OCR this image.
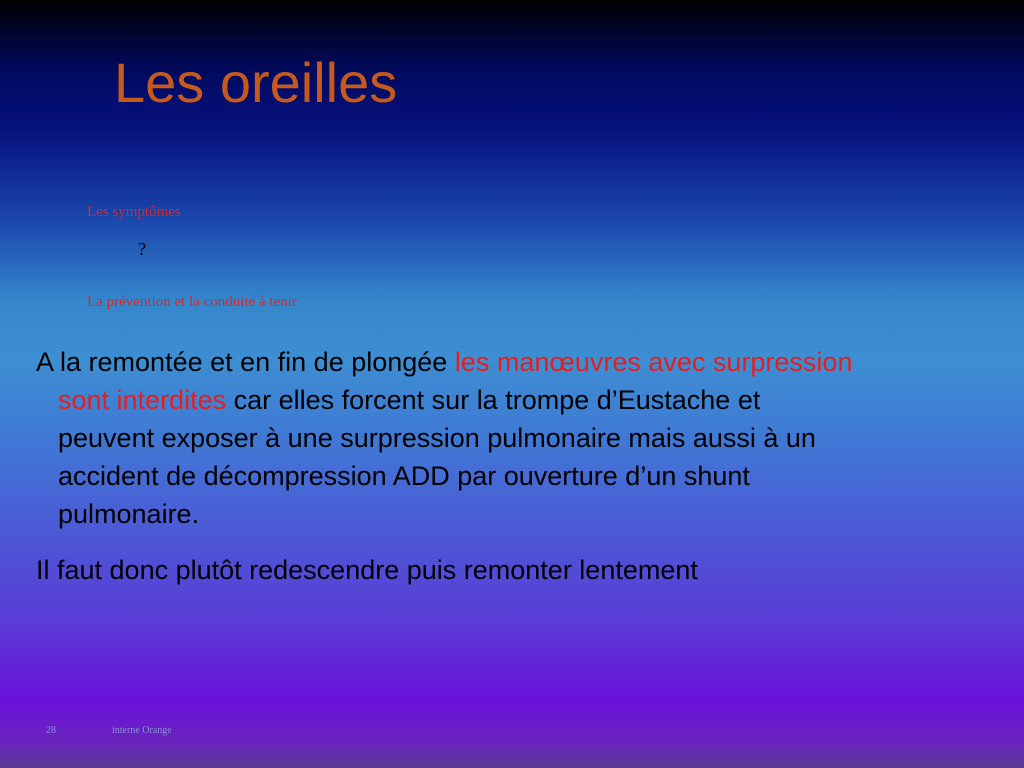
Les oreilles
Les symptômes
?
La prévention et la conduite à tenir
A la remontée et en fin de plongée les manœuvres avec surpression
sont interdites car elles forcent sur la trompe d’Eustache et
peuvent exposer à une surpression pulmonaire mais aussi à un
accident de décompression ADD par ouverture d’un shunt
pulmonaire.
Il faut donc plutôt redescendre puis remonter lentement
28	interne Orange
